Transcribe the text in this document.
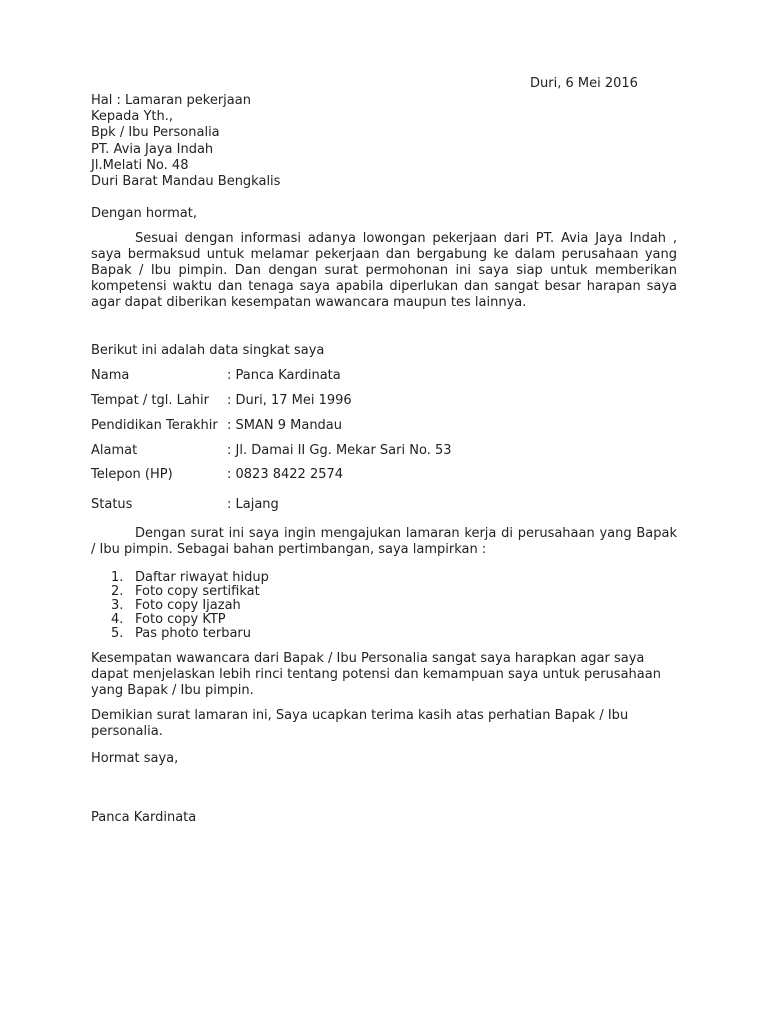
Duri, 6 Mei 2016
Hal : Lamaran pekerjaan
Kepada Yth.,
Bpk / Ibu Personalia
PT. Avia Jaya Indah
Jl.Melati No. 48
Duri Barat Mandau Bengkalis
Dengan hormat,
Sesuai dengan informasi adanya lowongan pekerjaan dari PT. Avia Jaya Indah , saya bermaksud untuk melamar pekerjaan dan bergabung ke dalam perusahaan yang Bapak / Ibu pimpin. Dan dengan surat permohonan ini saya siap untuk memberikan kompetensi waktu dan tenaga saya apabila diperlukan dan sangat besar harapan saya agar dapat diberikan kesempatan wawancara maupun tes lainnya.
Berikut ini adalah data singkat saya
Nama	: Panca Kardinata
Tempat / tgl. Lahir : Duri, 17 Mei 1996
Pendidikan Terakhir : SMAN 9 Mandau
Alamat	: Jl. Damai II Gg. Mekar Sari No. 53
Telepon (HP)	: 0823 8422 2574
Status	: Lajang
Dengan surat ini saya ingin mengajukan lamaran kerja di perusahaan yang Bapak / Ibu pimpin. Sebagai bahan pertimbangan, saya lampirkan :
1. Daftar riwayat hidup
2. Foto copy sertifikat
3. Foto copy Ijazah
4. Foto copy KTP
5. Pas photo terbaru
Kesempatan wawancara dari Bapak / Ibu Personalia sangat saya harapkan agar saya dapat menjelaskan lebih rinci tentang potensi dan kemampuan saya untuk perusahaan yang Bapak / Ibu pimpin.
Demikian surat lamaran ini, Saya ucapkan terima kasih atas perhatian Bapak / Ibu personalia.
Hormat saya,
Panca Kardinata
